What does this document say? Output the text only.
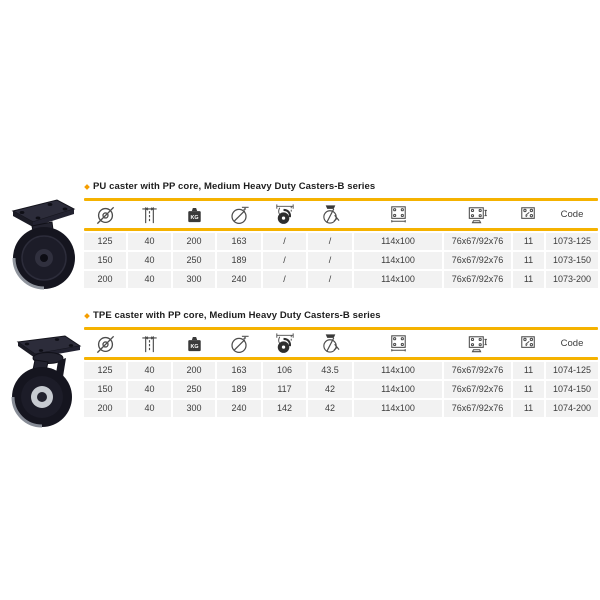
PU caster with PP core, Medium Heavy Duty Casters-B series
KG	Code
125	40	200	163	/	/	114x100	76x67/92x76	11	1073-125
150	40	250	189	/	/	114x100	76x67/92x76	11	1073-150
200	40	300	240	/	/	114x100	76x67/92x76	11	1073-200
TPE caster with PP core, Medium Heavy Duty Casters-B series
KG	Code
125	40	200	163	106	43.5	114x100	76x67/92x76	11	1074-125
150	40	250	189	117	42	114x100	76x67/92x76	11	1074-150
200	40	300	240	142	42	114x100	76x67/92x76	11	1074-200
